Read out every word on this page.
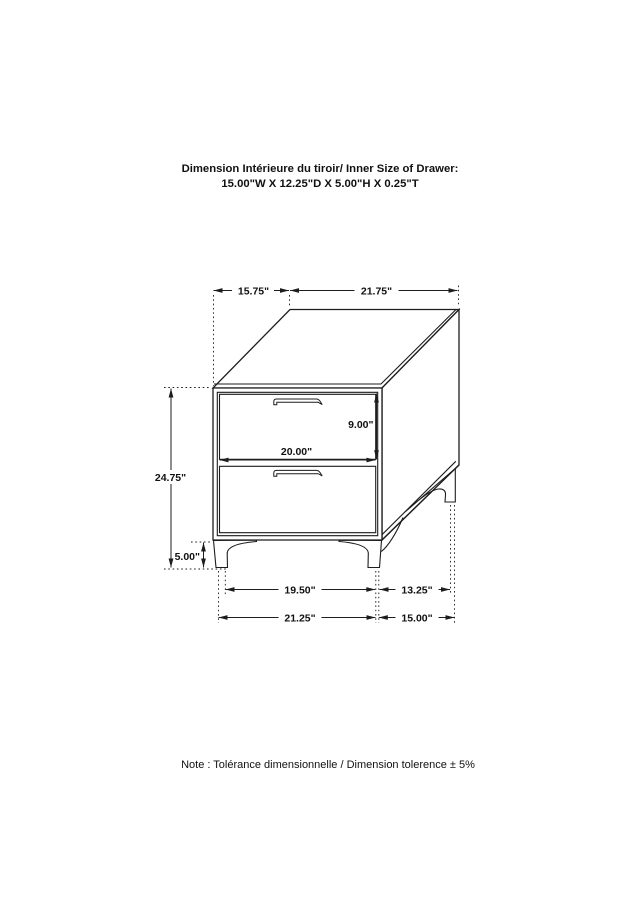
Dimension Intérieure du tiroir/ Inner Size of Drawer:
15.00"W X 12.25"D X 5.00"H X 0.25"T
15.75"	21.75"
24.75"
5.00"
9.00"
20.00"
19.50"	13.25"
21.25"	15.00"
Note : Tolérance dimensionnelle / Dimension tolerence ± 5%
